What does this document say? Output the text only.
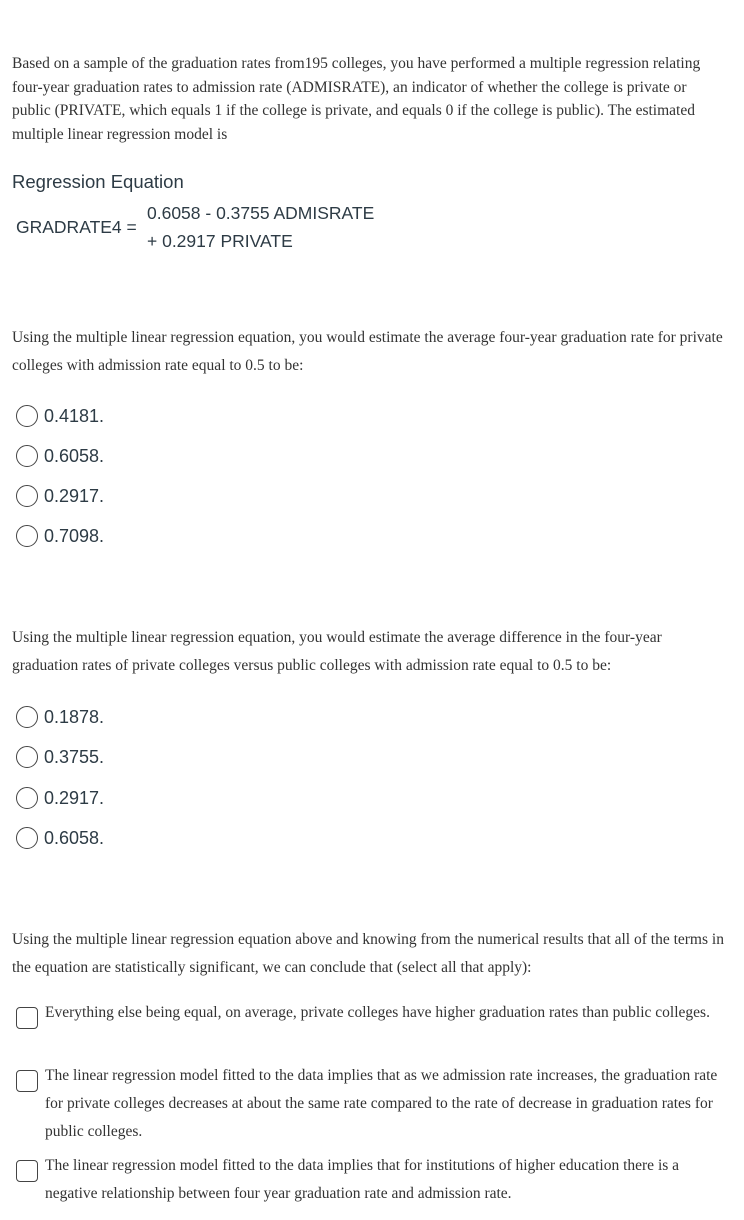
Based on a sample of the graduation rates from195 colleges, you have performed a multiple regression relating four-year graduation rates to admission rate (ADMISRATE), an indicator of whether the college is private or public (PRIVATE, which equals 1 if the college is private, and equals 0 if the college is public). The estimated multiple linear regression model is
Regression Equation
GRADRATE4 =
0.6058 - 0.3755 ADMISRATE
+ 0.2917 PRIVATE
Using the multiple linear regression equation, you would estimate the average four-year graduation rate for private colleges with admission rate equal to 0.5 to be:
0.4181.
0.6058.
0.2917.
0.7098.
Using the multiple linear regression equation, you would estimate the average difference in the four-year graduation rates of private colleges versus public colleges with admission rate equal to 0.5 to be:
0.1878.
0.3755.
0.2917.
0.6058.
Using the multiple linear regression equation above and knowing from the numerical results that all of the terms in the equation are statistically significant, we can conclude that (select all that apply):
Everything else being equal, on average, private colleges have higher graduation rates than public colleges.
The linear regression model fitted to the data implies that as we admission rate increases, the graduation rate for private colleges decreases at about the same rate compared to the rate of decrease in graduation rates for public colleges.
The linear regression model fitted to the data implies that for institutions of higher education there is a negative relationship between four year graduation rate and admission rate.
